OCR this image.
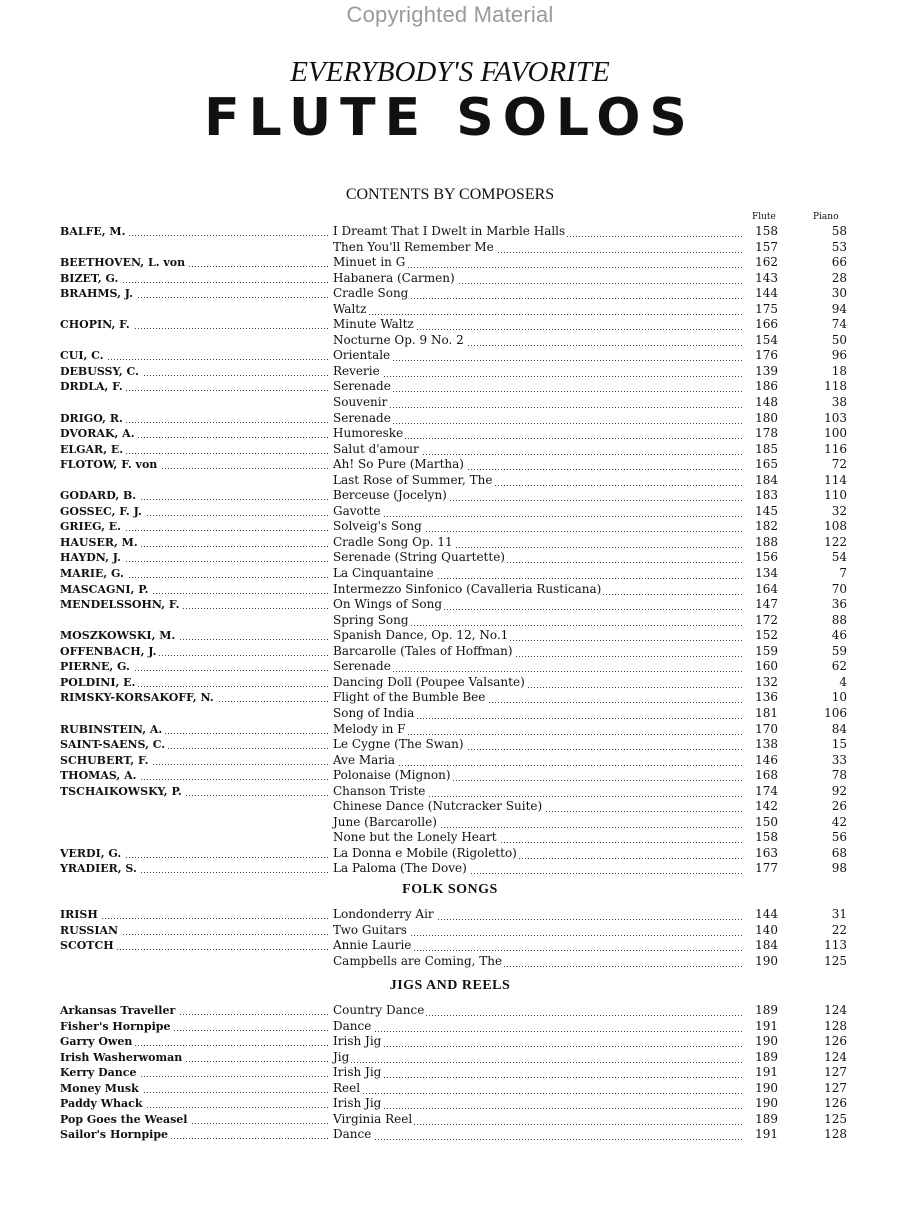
Copyrighted Material
EVERYBODY'S FAVORITE
FLUTE SOLOS
CONTENTS BY COMPOSERS
Flute	Piano
BALFE, M.	I Dreamt That I Dwelt in Marble Halls	158	58
Then You'll Remember Me	157	53
BEETHOVEN, L. von	Minuet in G	162	66
BIZET, G.	Habanera (Carmen)	143	28
BRAHMS, J.	Cradle Song	144	30
Waltz	175	94
CHOPIN, F.	Minute Waltz	166	74
Nocturne Op. 9 No. 2	154	50
CUI, C.	Orientale	176	96
DEBUSSY, C.	Reverie	139	18
DRDLA, F.	Serenade	186	118
Souvenir	148	38
DRIGO, R.	Serenade	180	103
DVORAK, A.	Humoreske	178	100
ELGAR, E.	Salut d'amour	185	116
FLOTOW, F. von	Ah! So Pure (Martha)	165	72
Last Rose of Summer, The	184	114
GODARD, B.	Berceuse (Jocelyn)	183	110
GOSSEC, F. J.	Gavotte	145	32
GRIEG, E.	Solveig's Song	182	108
HAUSER, M.	Cradle Song Op. 11	188	122
HAYDN, J.	Serenade (String Quartette)	156	54
MARIE, G.	La Cinquantaine	134	7
MASCAGNI, P.	Intermezzo Sinfonico (Cavalleria Rusticana)	164	70
MENDELSSOHN, F.	On Wings of Song	147	36
Spring Song	172	88
MOSZKOWSKI, M.	Spanish Dance, Op. 12, No.1	152	46
OFFENBACH, J.	Barcarolle (Tales of Hoffman)	159	59
PIERNE, G.	Serenade	160	62
POLDINI, E.	Dancing Doll (Poupee Valsante)	132	4
RIMSKY-KORSAKOFF, N.	Flight of the Bumble Bee	136	10
Song of India	181	106
RUBINSTEIN, A.	Melody in F	170	84
SAINT-SAENS, C.	Le Cygne (The Swan)	138	15
SCHUBERT, F.	Ave Maria	146	33
THOMAS, A.	Polonaise (Mignon)	168	78
TSCHAIKOWSKY, P.	Chanson Triste	174	92
Chinese Dance (Nutcracker Suite)	142	26
June (Barcarolle)	150	42
None but the Lonely Heart	158	56
VERDI, G.	La Donna e Mobile (Rigoletto)	163	68
YRADIER, S.	La Paloma (The Dove)	177	98
FOLK SONGS
IRISH	Londonderry Air	144	31
RUSSIAN	Two Guitars	140	22
SCOTCH	Annie Laurie	184	113
Campbells are Coming, The	190	125
JIGS AND REELS
Arkansas Traveller	Country Dance	189	124
Fisher's Hornpipe	Dance	191	128
Garry Owen	Irish Jig	190	126
Irish Washerwoman	Jig	189	124
Kerry Dance	Irish Jig	191	127
Money Musk	Reel	190	127
Paddy Whack	Irish Jig	190	126
Pop Goes the Weasel	Virginia Reel	189	125
Sailor's Hornpipe	Dance	191	128
